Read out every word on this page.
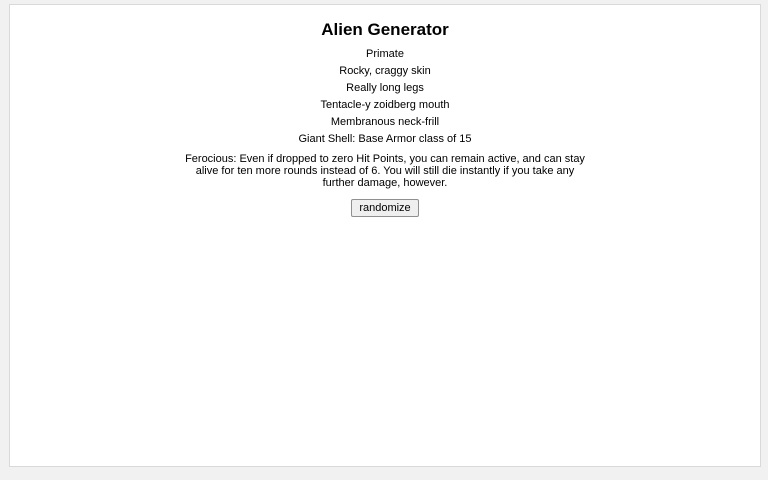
Alien Generator

Primate

Rocky, craggy skin

Really long legs

Tentacle-y zoidberg mouth

Membranous neck-frill

Giant Shell: Base Armor class of 15

Ferocious: Even if dropped to zero Hit Points, you can remain active, and can stay alive for ten more rounds instead of 6. You will still die instantly if you take any further damage, however.

randomize
